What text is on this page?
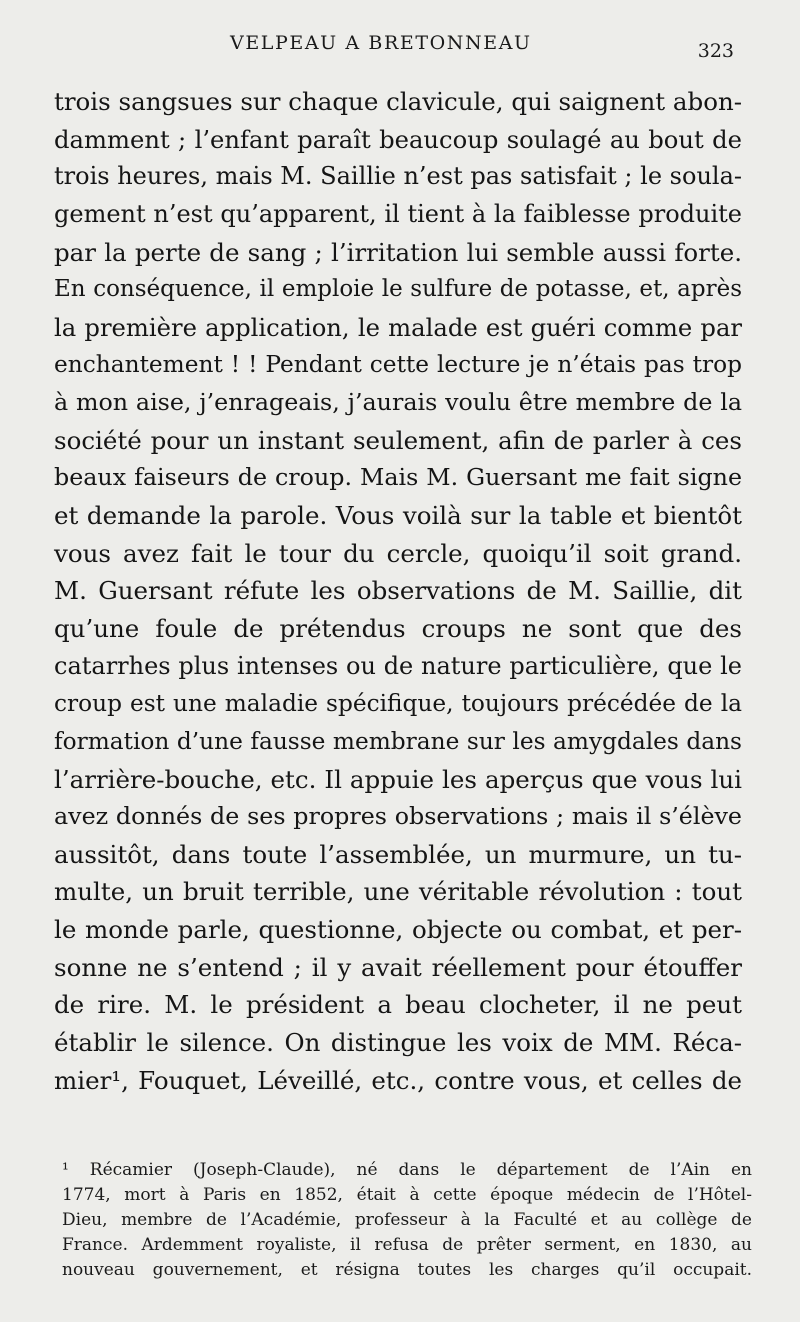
VELPEAU A BRETONNEAU	323
trois sangsues sur chaque clavicule, qui saignent abon-
damment ; l’enfant paraît beaucoup soulagé au bout de
trois heures, mais M. Saillie n’est pas satisfait ; le soula-
gement n’est qu’apparent, il tient à la faiblesse produite
par la perte de sang ; l’irritation lui semble aussi forte.
En conséquence, il emploie le sulfure de potasse, et, après
la première application, le malade est guéri comme par
enchantement ! ! Pendant cette lecture je n’étais pas trop
à mon aise, j’enrageais, j’aurais voulu être membre de la
société pour un instant seulement, afin de parler à ces
beaux faiseurs de croup. Mais M. Guersant me fait signe
et demande la parole. Vous voilà sur la table et bientôt
vous avez fait le tour du cercle, quoiqu’il soit grand.
M. Guersant réfute les observations de M. Saillie, dit
qu’une foule de prétendus croups ne sont que des
catarrhes plus intenses ou de nature particulière, que le
croup est une maladie spécifique, toujours précédée de la
formation d’une fausse membrane sur les amygdales dans
l’arrière-bouche, etc. Il appuie les aperçus que vous lui
avez donnés de ses propres observations ; mais il s’élève
aussitôt, dans toute l’assemblée, un murmure, un tu-
multe, un bruit terrible, une véritable révolution : tout
le monde parle, questionne, objecte ou combat, et per-
sonne ne s’entend ; il y avait réellement pour étouffer
de rire. M. le président a beau clocheter, il ne peut
établir le silence. On distingue les voix de MM. Réca-
mier¹, Fouquet, Léveillé, etc., contre vous, et celles de
¹ Récamier (Joseph-Claude), né dans le département de l’Ain en
1774, mort à Paris en 1852, était à cette époque médecin de l’Hôtel-
Dieu, membre de l’Académie, professeur à la Faculté et au collège de
France. Ardemment royaliste, il refusa de prêter serment, en 1830, au
nouveau gouvernement, et résigna toutes les charges qu’il occupait.
